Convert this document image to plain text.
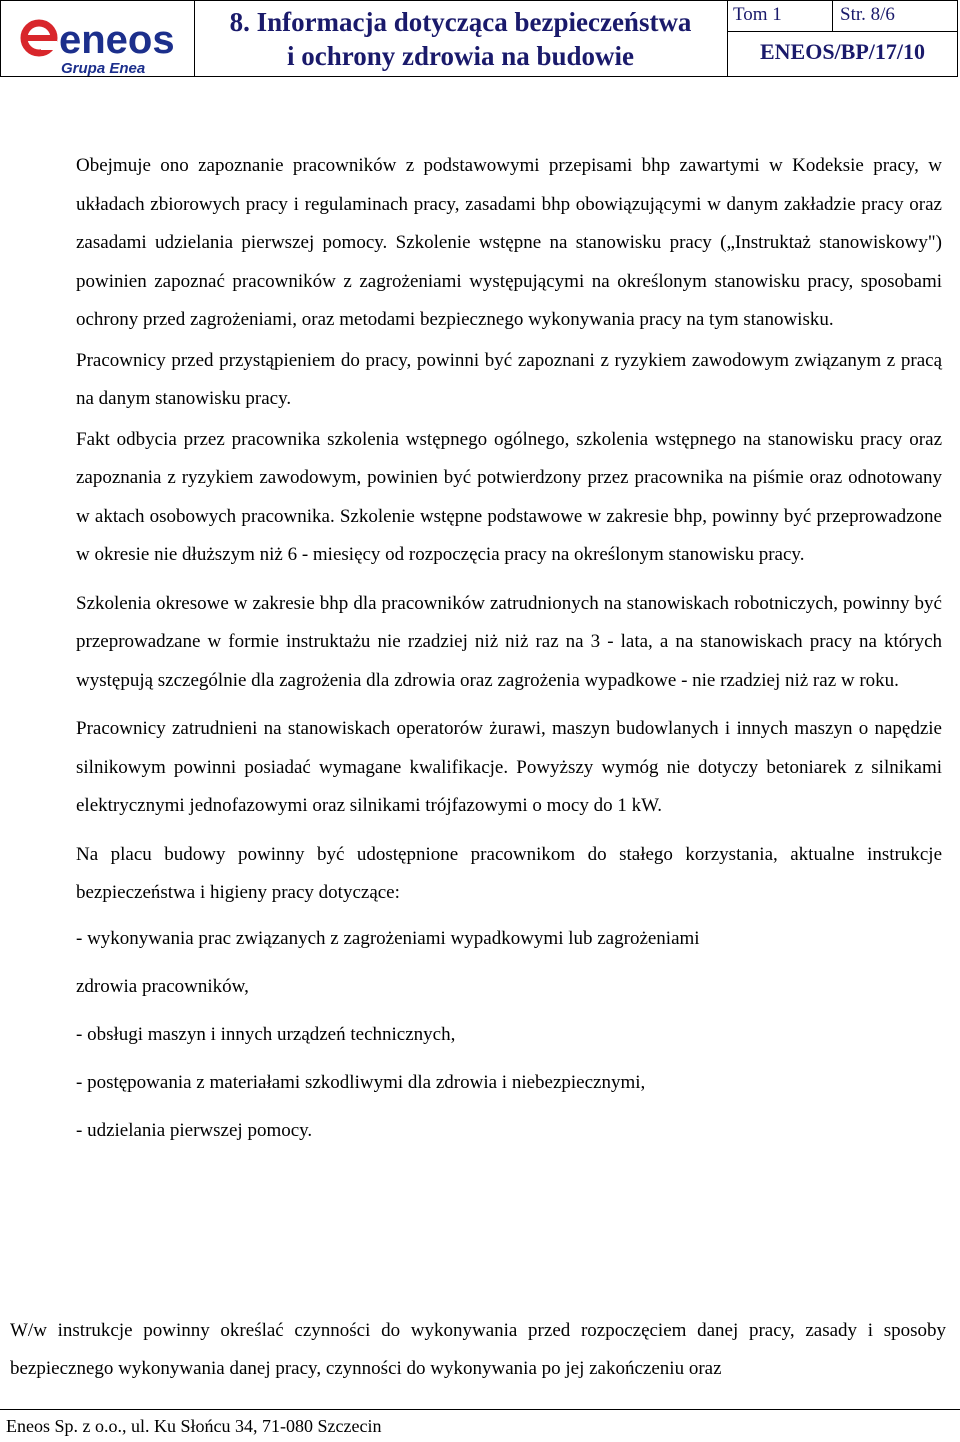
eneos
Grupa Enea
8. Informacja dotycząca bezpieczeństwa
i ochrony zdrowia na budowie
Tom 1	Str. 8/6
ENEOS/BP/17/10

Obejmuje ono zapoznanie pracowników z podstawowymi przepisami bhp zawartymi w Kodeksie pracy, w układach zbiorowych pracy i regulaminach pracy, zasadami bhp obowiązującymi w danym zakładzie pracy oraz zasadami udzielania pierwszej pomocy. Szkolenie wstępne na stanowisku pracy („Instruktaż stanowiskowy") powinien zapoznać pracowników z zagrożeniami występującymi na określonym stanowisku pracy, sposobami ochrony przed zagrożeniami, oraz metodami bezpiecznego wykonywania pracy na tym stanowisku.

Pracownicy przed przystąpieniem do pracy, powinni być zapoznani z ryzykiem zawodowym związanym z pracą na danym stanowisku pracy.

Fakt odbycia przez pracownika szkolenia wstępnego ogólnego, szkolenia wstępnego na stanowisku pracy oraz zapoznania z ryzykiem zawodowym, powinien być potwierdzony przez pracownika na piśmie oraz odnotowany w aktach osobowych pracownika. Szkolenie wstępne podstawowe w zakresie bhp, powinny być przeprowadzone w okresie nie dłuższym niż 6 - miesięcy od rozpoczęcia pracy na określonym stanowisku pracy.

Szkolenia okresowe w zakresie bhp dla pracowników zatrudnionych na stanowiskach robotniczych, powinny być przeprowadzane w formie instruktażu nie rzadziej niż niż raz na 3 - lata, a na stanowiskach pracy na których występują szczególnie dla zagrożenia dla zdrowia oraz zagrożenia wypadkowe - nie rzadziej niż raz w roku.

Pracownicy zatrudnieni na stanowiskach operatorów żurawi, maszyn budowlanych i innych maszyn o napędzie silnikowym powinni posiadać wymagane kwalifikacje. Powyższy wymóg nie dotyczy betoniarek z silnikami elektrycznymi jednofazowymi oraz silnikami trójfazowymi o mocy do 1 kW.

Na placu budowy powinny być udostępnione pracownikom do stałego korzystania, aktualne instrukcje bezpieczeństwa i higieny pracy dotyczące:

- wykonywania prac związanych z zagrożeniami wypadkowymi lub zagrożeniami
zdrowia pracowników,
- obsługi maszyn i innych urządzeń technicznych,
- postępowania z materiałami szkodliwymi dla zdrowia i niebezpiecznymi,
- udzielania pierwszej pomocy.

W/w instrukcje powinny określać czynności do wykonywania przed rozpoczęciem danej pracy, zasady i sposoby bezpiecznego wykonywania danej pracy, czynności do wykonywania po jej zakończeniu oraz

Eneos Sp. z o.o., ul. Ku Słońcu 34, 71-080 Szczecin
